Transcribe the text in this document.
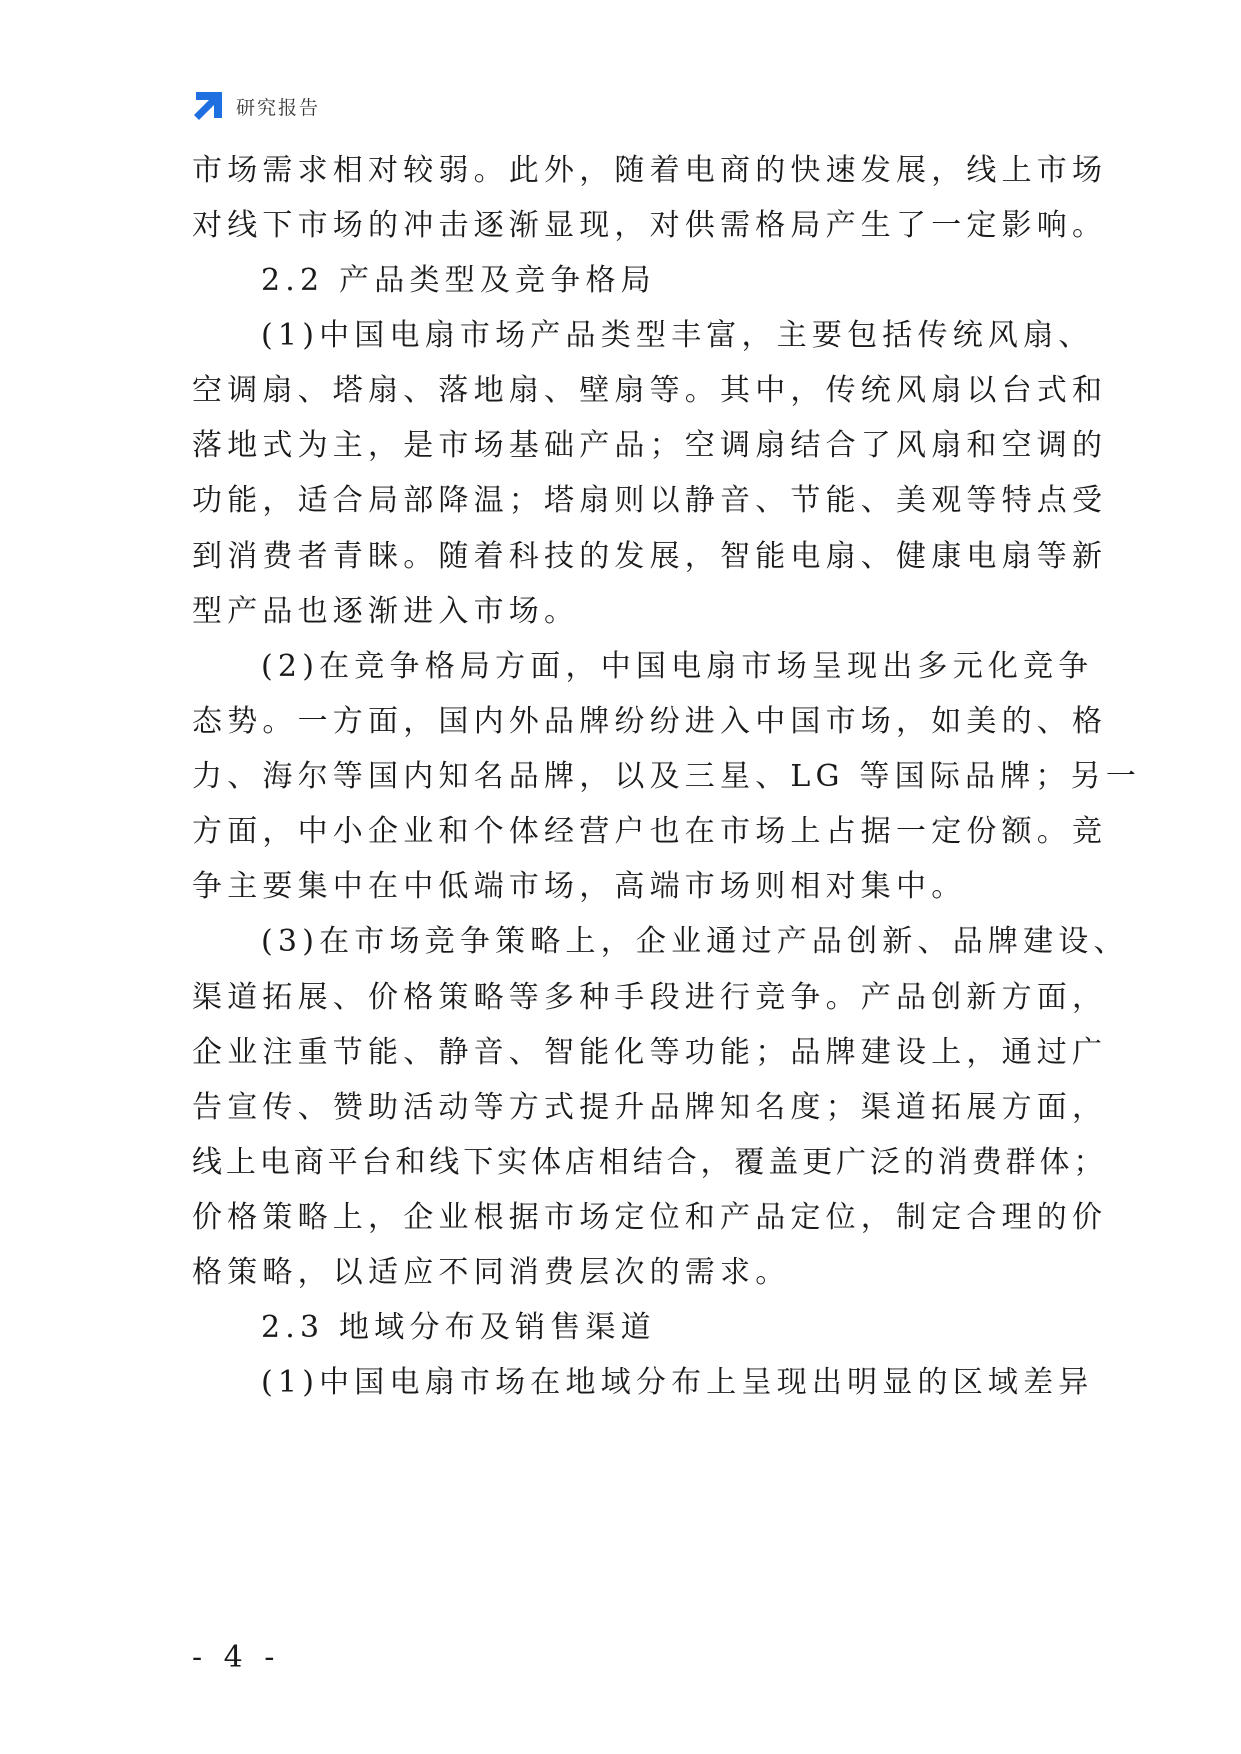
研究报告
市场需求相对较弱。此外，随着电商的快速发展，线上市场
对线下市场的冲击逐渐显现，对供需格局产生了一定影响。
2.2 产品类型及竞争格局
(1)中国电扇市场产品类型丰富，主要包括传统风扇、
空调扇、塔扇、落地扇、壁扇等。其中，传统风扇以台式和
落地式为主，是市场基础产品；空调扇结合了风扇和空调的
功能，适合局部降温；塔扇则以静音、节能、美观等特点受
到消费者青睐。随着科技的发展，智能电扇、健康电扇等新
型产品也逐渐进入市场。
(2)在竞争格局方面，中国电扇市场呈现出多元化竞争
态势。一方面，国内外品牌纷纷进入中国市场，如美的、格
力、海尔等国内知名品牌，以及三星、LG 等国际品牌；另一
方面，中小企业和个体经营户也在市场上占据一定份额。竞
争主要集中在中低端市场，高端市场则相对集中。
(3)在市场竞争策略上，企业通过产品创新、品牌建设、
渠道拓展、价格策略等多种手段进行竞争。产品创新方面，
企业注重节能、静音、智能化等功能；品牌建设上，通过广
告宣传、赞助活动等方式提升品牌知名度；渠道拓展方面，
线上电商平台和线下实体店相结合，覆盖更广泛的消费群体；
价格策略上，企业根据市场定位和产品定位，制定合理的价
格策略，以适应不同消费层次的需求。
2.3 地域分布及销售渠道
(1)中国电扇市场在地域分布上呈现出明显的区域差异
- 4 -
